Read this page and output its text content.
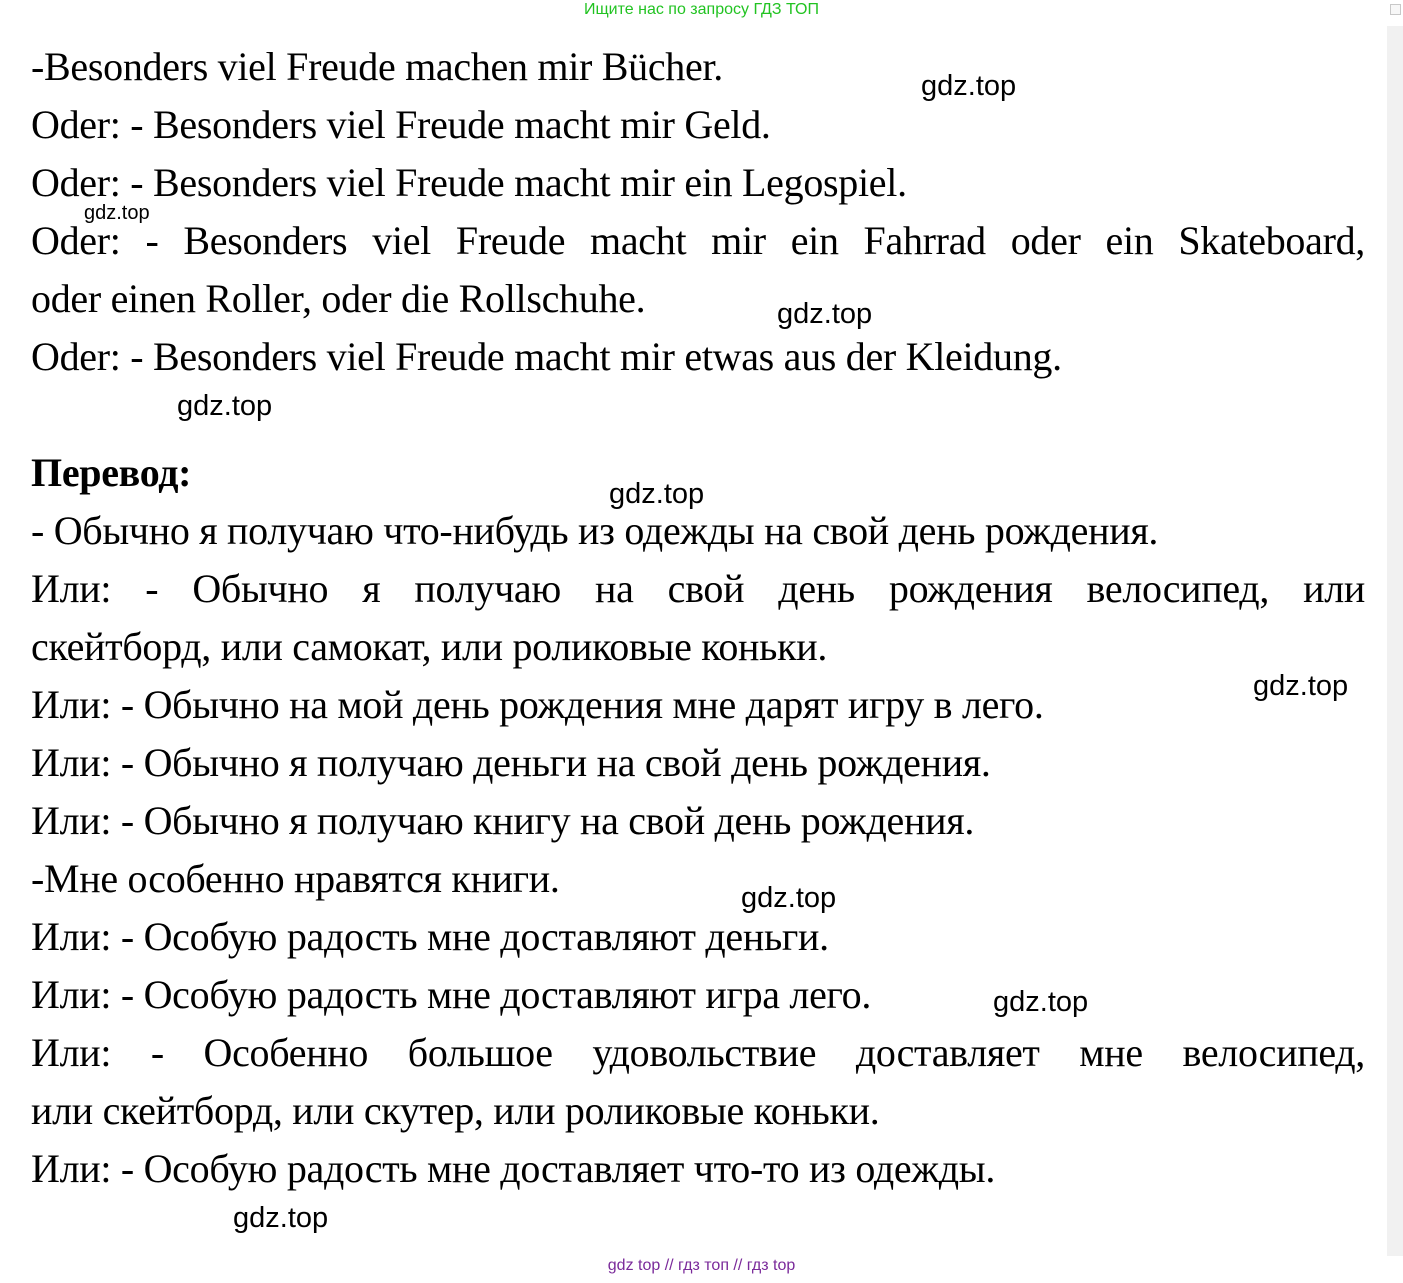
Ищите нас по запросу ГДЗ ТОП
-Besonders viel Freude machen mir Bücher.
Oder: - Besonders viel Freude macht mir Geld.
Oder: - Besonders viel Freude macht mir ein Legospiel.
Oder: - Besonders viel Freude macht mir ein Fahrrad oder ein Skateboard,
oder einen Roller, oder die Rollschuhe.
Oder: - Besonders viel Freude macht mir etwas aus der Kleidung.
Перевод:
- Обычно я получаю что-нибудь из одежды на свой день рождения.
Или: - Обычно я получаю на свой день рождения велосипед, или
скейтборд, или самокат, или роликовые коньки.
Или: - Обычно на мой день рождения мне дарят игру в лего.
Или: - Обычно я получаю деньги на свой день рождения.
Или: - Обычно я получаю книгу на свой день рождения.
-Мне особенно нравятся книги.
Или: - Особую радость мне доставляют деньги.
Или: - Особую радость мне доставляют игра лего.
Или: - Особенно большое удовольствие доставляет мне велосипед,
или скейтборд, или скутер, или роликовые коньки.
Или: - Особую радость мне доставляет что-то из одежды.
gdz.top
gdz.top
gdz.top
gdz.top
gdz.top
gdz.top
gdz.top
gdz.top
gdz.top
gdz top // гдз топ // гдз top
